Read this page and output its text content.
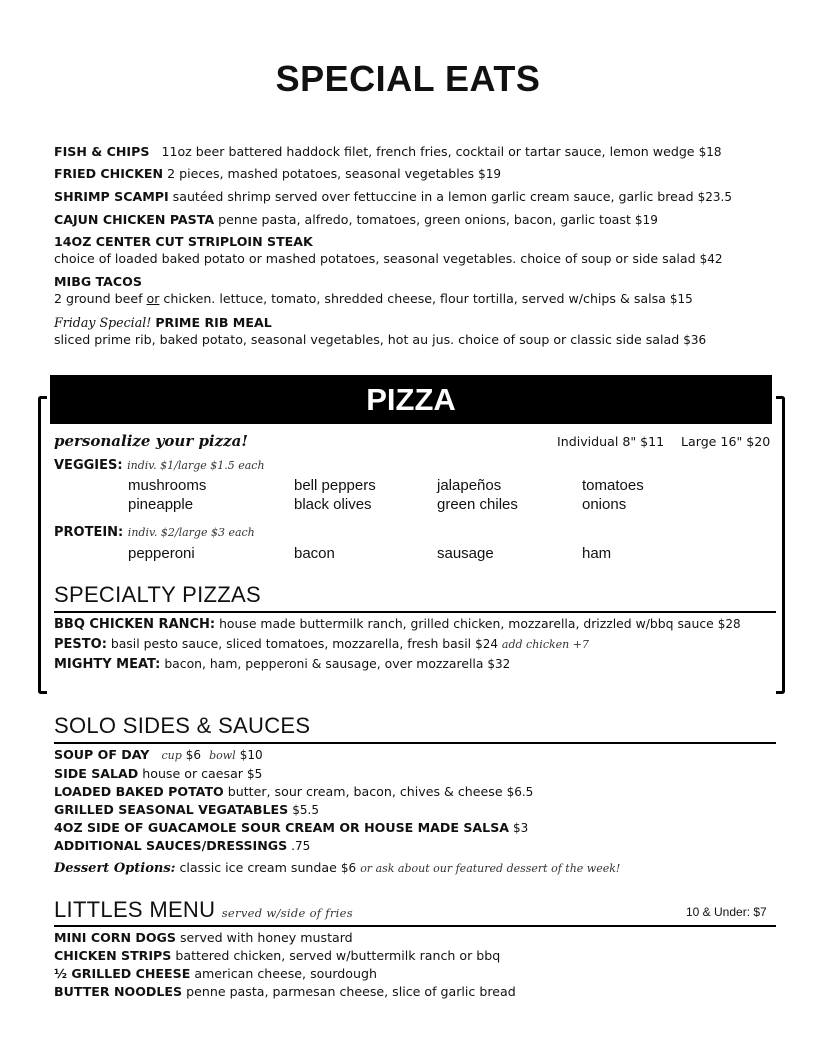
SPECIAL EATS
FISH & CHIPS 11oz beer battered haddock filet, french fries, cocktail or tartar sauce, lemon wedge $18
FRIED CHICKEN 2 pieces, mashed potatoes, seasonal vegetables $19
SHRIMP SCAMPI sautéed shrimp served over fettuccine in a lemon garlic cream sauce, garlic bread $23.5
CAJUN CHICKEN PASTA penne pasta, alfredo, tomatoes, green onions, bacon, garlic toast $19
14OZ CENTER CUT STRIPLOIN STEAK
choice of loaded baked potato or mashed potatoes, seasonal vegetables. choice of soup or side salad $42
MIBG TACOS
2 ground beef or chicken. lettuce, tomato, shredded cheese, flour tortilla, served w/chips & salsa $15
Friday Special! PRIME RIB MEAL
sliced prime rib, baked potato, seasonal vegetables, hot au jus. choice of soup or classic side salad $36
PIZZA
personalize your pizza!	Individual 8" $11 Large 16" $20
VEGGIES: indiv. $1/large $1.5 each
mushrooms	bell peppers	jalapeños	tomatoes
pineapple	black olives	green chiles	onions
PROTEIN: indiv. $2/large $3 each
pepperoni	bacon	sausage	ham
SPECIALTY PIZZAS
BBQ CHICKEN RANCH: house made buttermilk ranch, grilled chicken, mozzarella, drizzled w/bbq sauce $28
PESTO: basil pesto sauce, sliced tomatoes, mozzarella, fresh basil $24 add chicken +7
MIGHTY MEAT: bacon, ham, pepperoni & sausage, over mozzarella $32
SOLO SIDES & SAUCES
SOUP OF DAY cup $6 bowl $10
SIDE SALAD house or caesar $5
LOADED BAKED POTATO butter, sour cream, bacon, chives & cheese $6.5
GRILLED SEASONAL VEGATABLES $5.5
4OZ SIDE OF GUACAMOLE SOUR CREAM OR HOUSE MADE SALSA $3
ADDITIONAL SAUCES/DRESSINGS .75
Dessert Options: classic ice cream sundae $6 or ask about our featured dessert of the week!
LITTLES MENU served w/side of fries	10 & Under: $7
MINI CORN DOGS served with honey mustard
CHICKEN STRIPS battered chicken, served w/buttermilk ranch or bbq
½ GRILLED CHEESE american cheese, sourdough
BUTTER NOODLES penne pasta, parmesan cheese, slice of garlic bread
